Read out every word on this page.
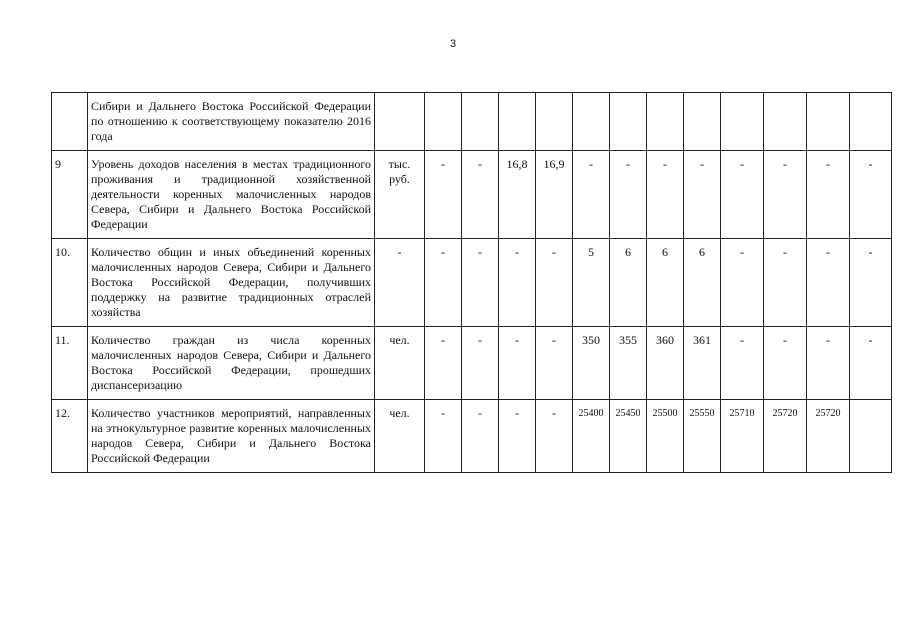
3
	Сибири и Дальнего Востока Российской Федерации по отношению к соответствующему показателю 2016 года													
9	Уровень доходов населения в местах традиционного проживания и традиционной хозяйственной деятельности коренных малочисленных народов Севера, Сибири и Дальнего Востока Российской Федерации	тыс. руб.	-	-	16,8	16,9	-	-	-	-	-	-	-	-
10.	Количество общин и иных объединений коренных малочисленных народов Севера, Сибири и Дальнего Востока Российской Федерации, получивших поддержку на развитие традиционных отраслей хозяйства	-	-	-	-	-	5	6	6	6	-	-	-	-
11.	Количество граждан из числа коренных малочисленных народов Севера, Сибири и Дальнего Востока Российской Федерации, прошедших диспансеризацию	чел.	-	-	-	-	350	355	360	361	-	-	-	-
12.	Количество участников мероприятий, направленных на этнокультурное развитие коренных малочисленных народов Севера, Сибири и Дальнего Востока Российской Федерации	чел.	-	-	-	-	25400	25450	25500	25550	25710	25720	25720	
